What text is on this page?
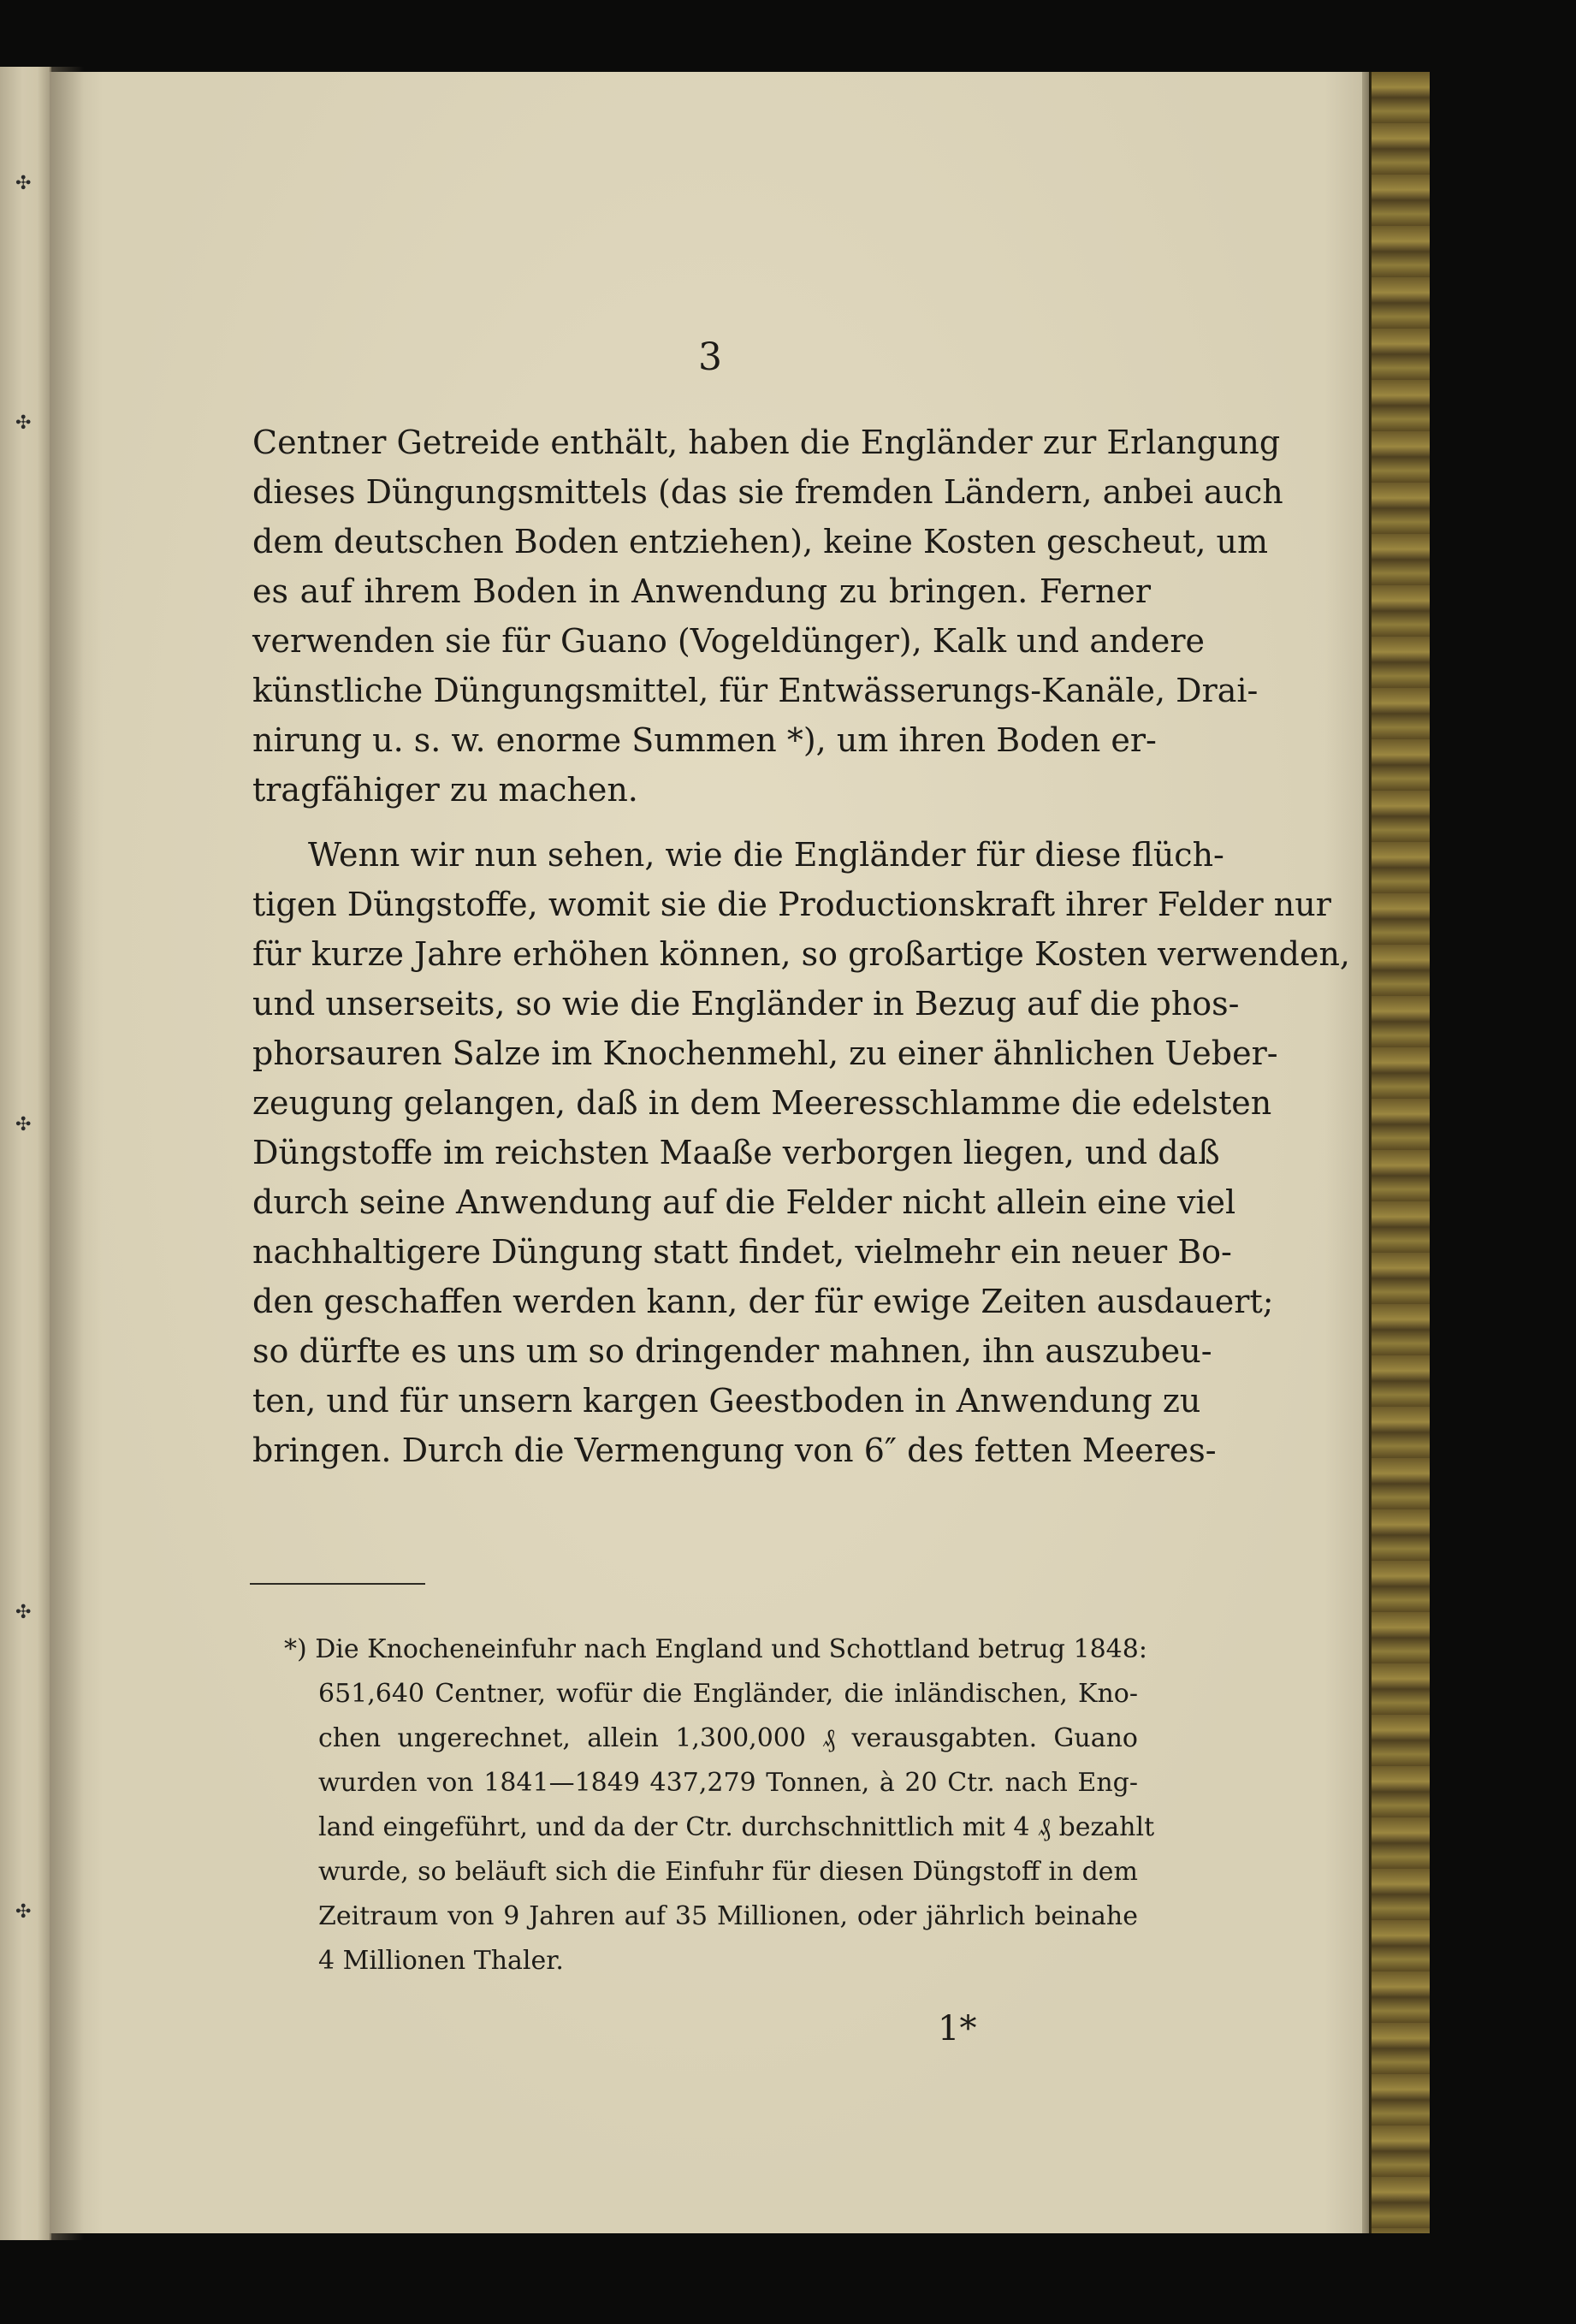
✣
✣
✣
✣
✣
3
Centner Getreide enthält, haben die Engländer zur Erlangung
dieses Düngungsmittels (das sie fremden Ländern, anbei auch
dem deutschen Boden entziehen), keine Kosten gescheut, um
es auf ihrem Boden in Anwendung zu bringen. Ferner
verwenden sie für Guano (Vogeldünger), Kalk und andere
künstliche Düngungsmittel, für Entwässerungs-Kanäle, Drai-
nirung u. s. w. enorme Summen *), um ihren Boden er-
tragfähiger zu machen.
Wenn wir nun sehen, wie die Engländer für diese flüch-
tigen Düngstoffe, womit sie die Productionskraft ihrer Felder nur
für kurze Jahre erhöhen können, so großartige Kosten verwenden,
und unserseits, so wie die Engländer in Bezug auf die phos-
phorsauren Salze im Knochenmehl, zu einer ähnlichen Ueber-
zeugung gelangen, daß in dem Meeresschlamme die edelsten
Düngstoffe im reichsten Maaße verborgen liegen, und daß
durch seine Anwendung auf die Felder nicht allein eine viel
nachhaltigere Düngung statt findet, vielmehr ein neuer Bo-
den geschaffen werden kann, der für ewige Zeiten ausdauert;
so dürfte es uns um so dringender mahnen, ihn auszubeu-
ten, und für unsern kargen Geestboden in Anwendung zu
bringen. Durch die Vermengung von 6″ des fetten Meeres-
*) Die Knocheneinfuhr nach England und Schottland betrug 1848:
651,640 Centner, wofür die Engländer, die inländischen, Kno-
chen ungerechnet, allein 1,300,000 ₰ verausgabten. Guano
wurden von 1841—1849 437,279 Tonnen, à 20 Ctr. nach Eng-
land eingeführt, und da der Ctr. durchschnittlich mit 4 ₰ bezahlt
wurde, so beläuft sich die Einfuhr für diesen Düngstoff in dem
Zeitraum von 9 Jahren auf 35 Millionen, oder jährlich beinahe
4 Millionen Thaler.
1*
